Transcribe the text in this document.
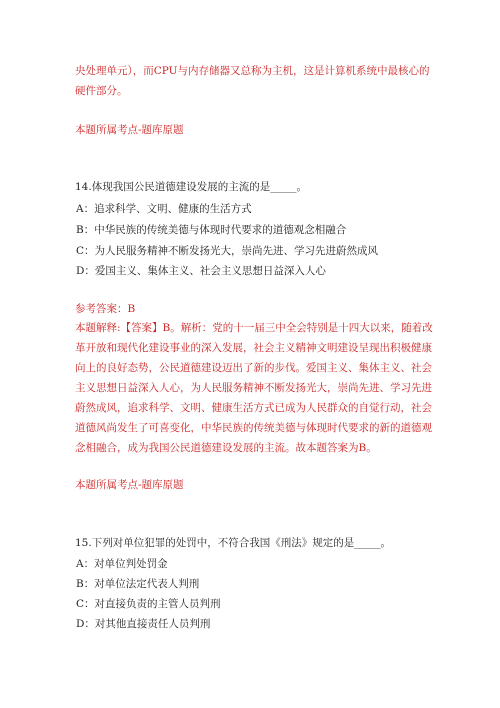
央处理单元），而CPU与内存储器又总称为主机，这是计算机系统中最核心的
硬件部分。
本题所属考点-题库原题
14.体现我国公民道德建设发展的主流的是_____。
A：追求科学、文明、健康的生活方式
B：中华民族的传统美德与体现时代要求的道德观念相融合
C：为人民服务精神不断发扬光大，崇尚先进、学习先进蔚然成风
D：爱国主义、集体主义、社会主义思想日益深入人心
参考答案：B
本题解释:【答案】B。解析：党的十一届三中全会特别是十四大以来，随着改
革开放和现代化建设事业的深入发展，社会主义精神文明建设呈现出积极健康
向上的良好态势，公民道德建设迈出了新的步伐。爱国主义、集体主义、社会
主义思想日益深入人心，为人民服务精神不断发扬光大，崇尚先进、学习先进
蔚然成风，追求科学、文明、健康生活方式已成为人民群众的自觉行动，社会
道德风尚发生了可喜变化，中华民族的传统美德与体现时代要求的新的道德观
念相融合，成为我国公民道德建设发展的主流。故本题答案为B。
本题所属考点-题库原题
15.下列对单位犯罪的处罚中，不符合我国《刑法》规定的是_____。
A：对单位判处罚金
B：对单位法定代表人判刑
C：对直接负责的主管人员判刑
D：对其他直接责任人员判刑
